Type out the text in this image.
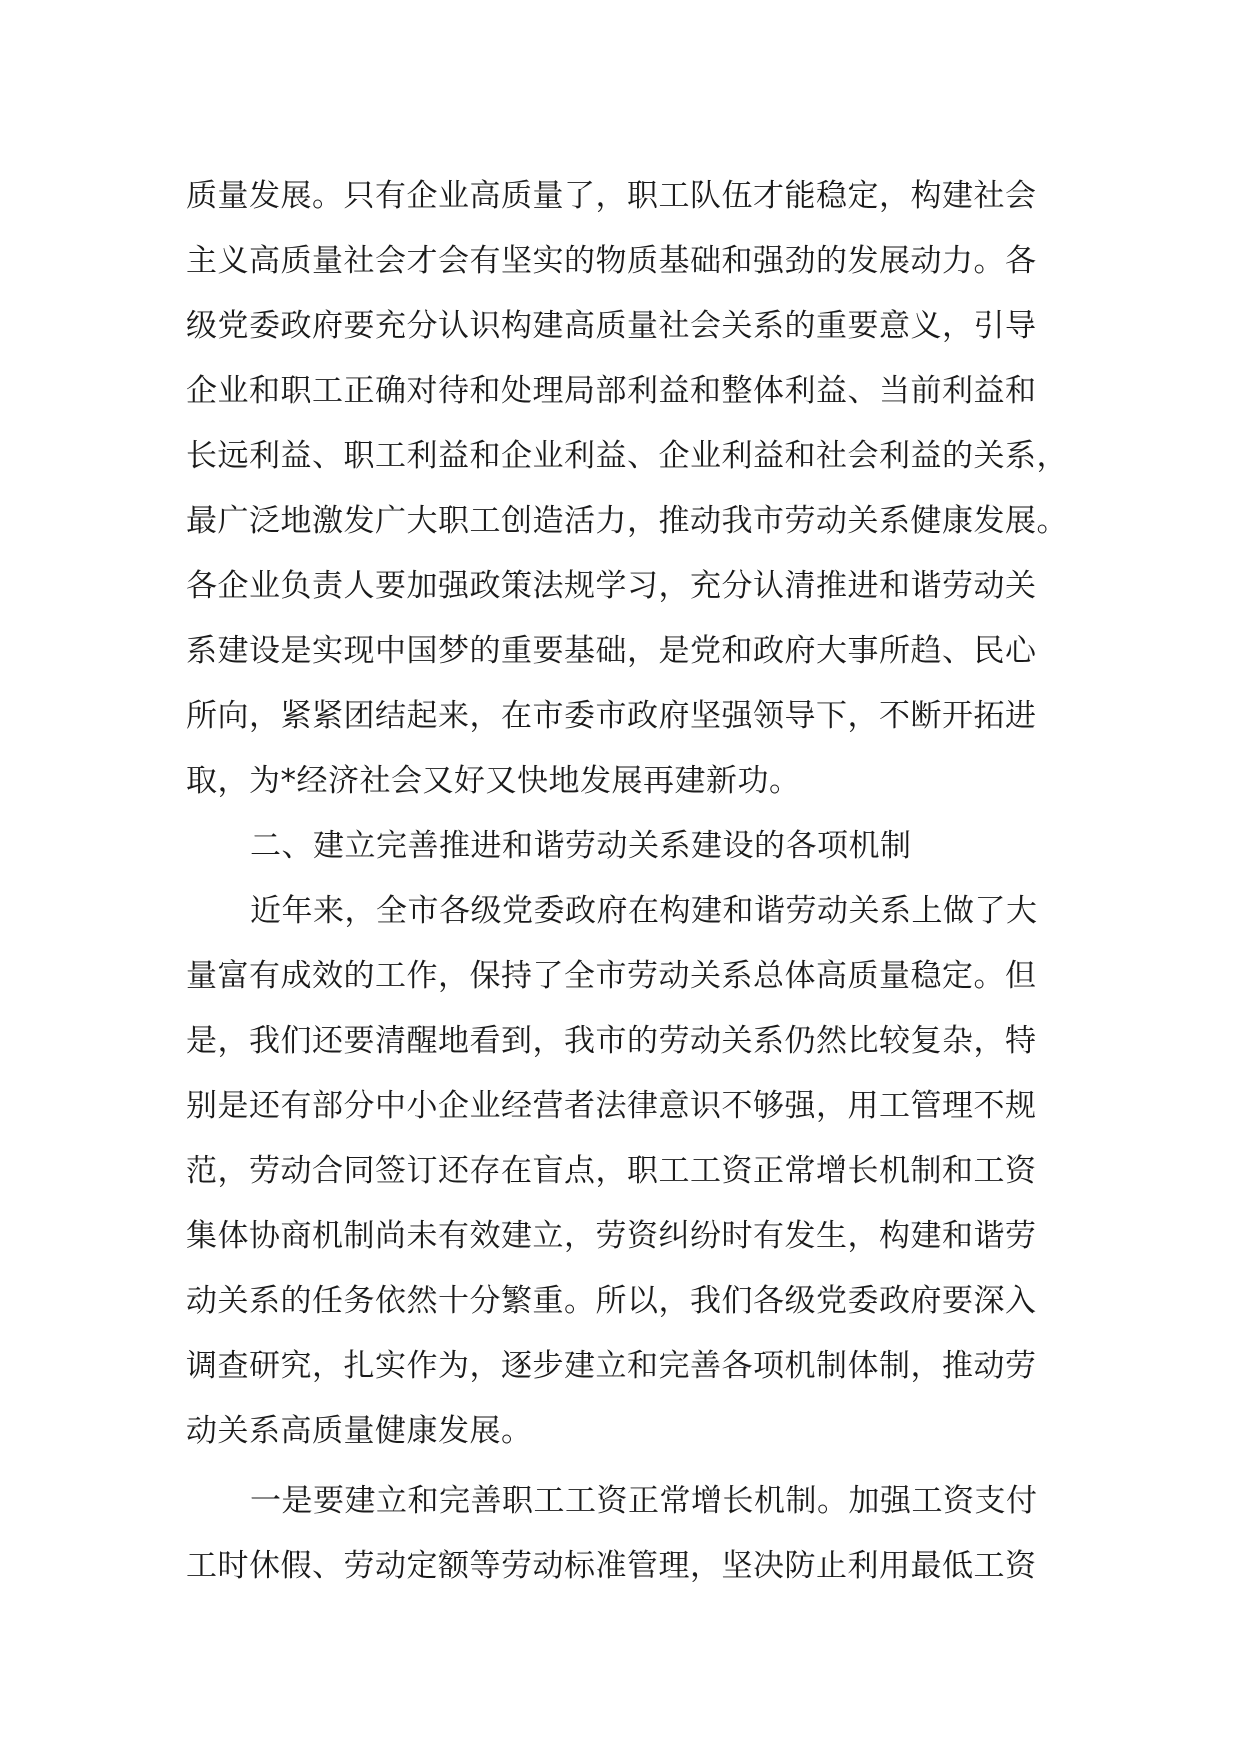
质量发展。只有企业高质量了，职工队伍才能稳定，构建社会
主义高质量社会才会有坚实的物质基础和强劲的发展动力。各
级党委政府要充分认识构建高质量社会关系的重要意义，引导
企业和职工正确对待和处理局部利益和整体利益、当前利益和
长远利益、职工利益和企业利益、企业利益和社会利益的关系，
最广泛地激发广大职工创造活力，推动我市劳动关系健康发展。
各企业负责人要加强政策法规学习，充分认清推进和谐劳动关
系建设是实现中国梦的重要基础，是党和政府大事所趋、民心
所向，紧紧团结起来，在市委市政府坚强领导下，不断开拓进
取，为*经济社会又好又快地发展再建新功。
二、建立完善推进和谐劳动关系建设的各项机制
近年来，全市各级党委政府在构建和谐劳动关系上做了大
量富有成效的工作，保持了全市劳动关系总体高质量稳定。但
是，我们还要清醒地看到，我市的劳动关系仍然比较复杂，特
别是还有部分中小企业经营者法律意识不够强，用工管理不规
范，劳动合同签订还存在盲点，职工工资正常增长机制和工资
集体协商机制尚未有效建立，劳资纠纷时有发生，构建和谐劳
动关系的任务依然十分繁重。所以，我们各级党委政府要深入
调查研究，扎实作为，逐步建立和完善各项机制体制，推动劳
动关系高质量健康发展。
一是要建立和完善职工工资正常增长机制。加强工资支付
工时休假、劳动定额等劳动标准管理，坚决防止利用最低工资
